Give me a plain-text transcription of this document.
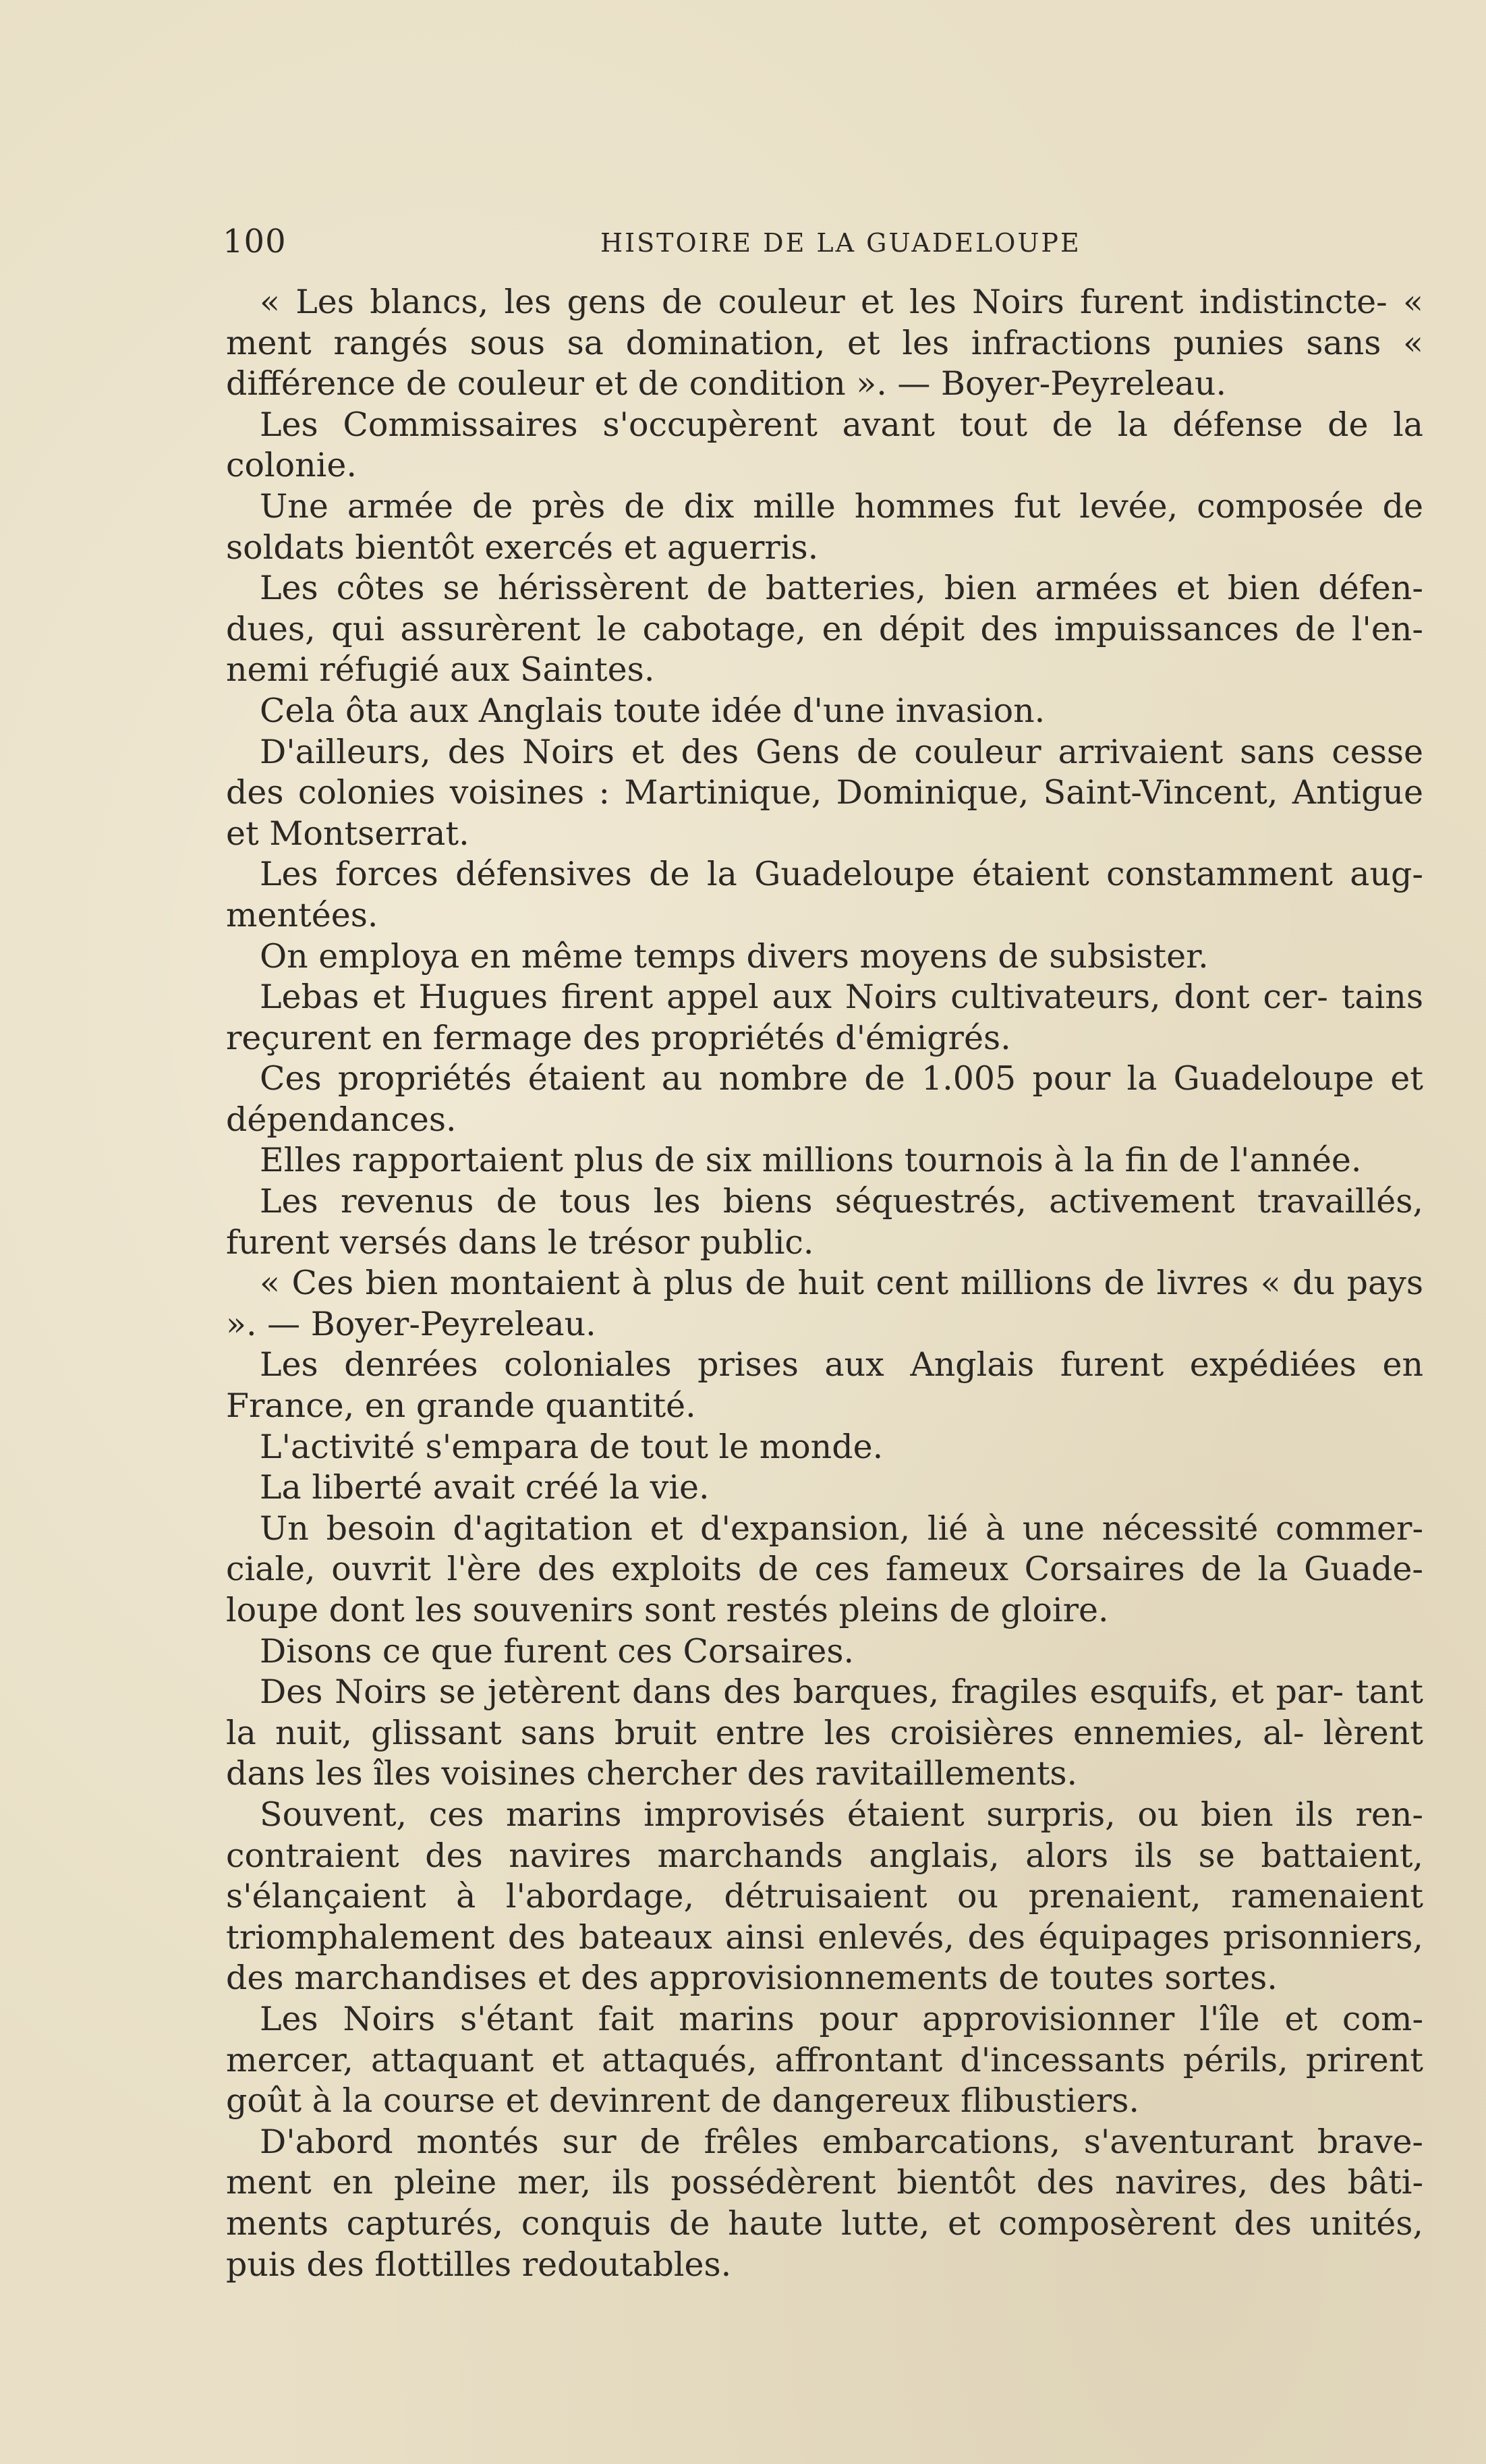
100	HISTOIRE DE LA GUADELOUPE

« Les blancs, les gens de couleur et les Noirs furent indistincte- « ment rangés sous sa domination, et les infractions punies sans « différence de couleur et de condition ». — Boyer-Peyreleau.

Les Commissaires s'occupèrent avant tout de la défense de la colonie.

Une armée de près de dix mille hommes fut levée, composée de soldats bientôt exercés et aguerris.

Les côtes se hérissèrent de batteries, bien armées et bien défen- dues, qui assurèrent le cabotage, en dépit des impuissances de l'en- nemi réfugié aux Saintes.

Cela ôta aux Anglais toute idée d'une invasion.

D'ailleurs, des Noirs et des Gens de couleur arrivaient sans cesse des colonies voisines : Martinique, Dominique, Saint-Vincent, Antigue et Montserrat.

Les forces défensives de la Guadeloupe étaient constamment aug- mentées.

On employa en même temps divers moyens de subsister.

Lebas et Hugues firent appel aux Noirs cultivateurs, dont cer- tains reçurent en fermage des propriétés d'émigrés.

Ces propriétés étaient au nombre de 1.005 pour la Guadeloupe et dépendances.

Elles rapportaient plus de six millions tournois à la fin de l'année.

Les revenus de tous les biens séquestrés, activement travaillés, furent versés dans le trésor public.

« Ces bien montaient à plus de huit cent millions de livres « du pays ». — Boyer-Peyreleau.

Les denrées coloniales prises aux Anglais furent expédiées en France, en grande quantité.

L'activité s'empara de tout le monde.

La liberté avait créé la vie.

Un besoin d'agitation et d'expansion, lié à une nécessité commer- ciale, ouvrit l'ère des exploits de ces fameux Corsaires de la Guade- loupe dont les souvenirs sont restés pleins de gloire.

Disons ce que furent ces Corsaires.

Des Noirs se jetèrent dans des barques, fragiles esquifs, et par- tant la nuit, glissant sans bruit entre les croisières ennemies, al- lèrent dans les îles voisines chercher des ravitaillements.

Souvent, ces marins improvisés étaient surpris, ou bien ils ren- contraient des navires marchands anglais, alors ils se battaient, s'élançaient à l'abordage, détruisaient ou prenaient, ramenaient triomphalement des bateaux ainsi enlevés, des équipages prisonniers, des marchandises et des approvisionnements de toutes sortes.

Les Noirs s'étant fait marins pour approvisionner l'île et com- mercer, attaquant et attaqués, affrontant d'incessants périls, prirent goût à la course et devinrent de dangereux flibustiers.

D'abord montés sur de frêles embarcations, s'aventurant brave- ment en pleine mer, ils possédèrent bientôt des navires, des bâti- ments capturés, conquis de haute lutte, et composèrent des unités, puis des flottilles redoutables.
